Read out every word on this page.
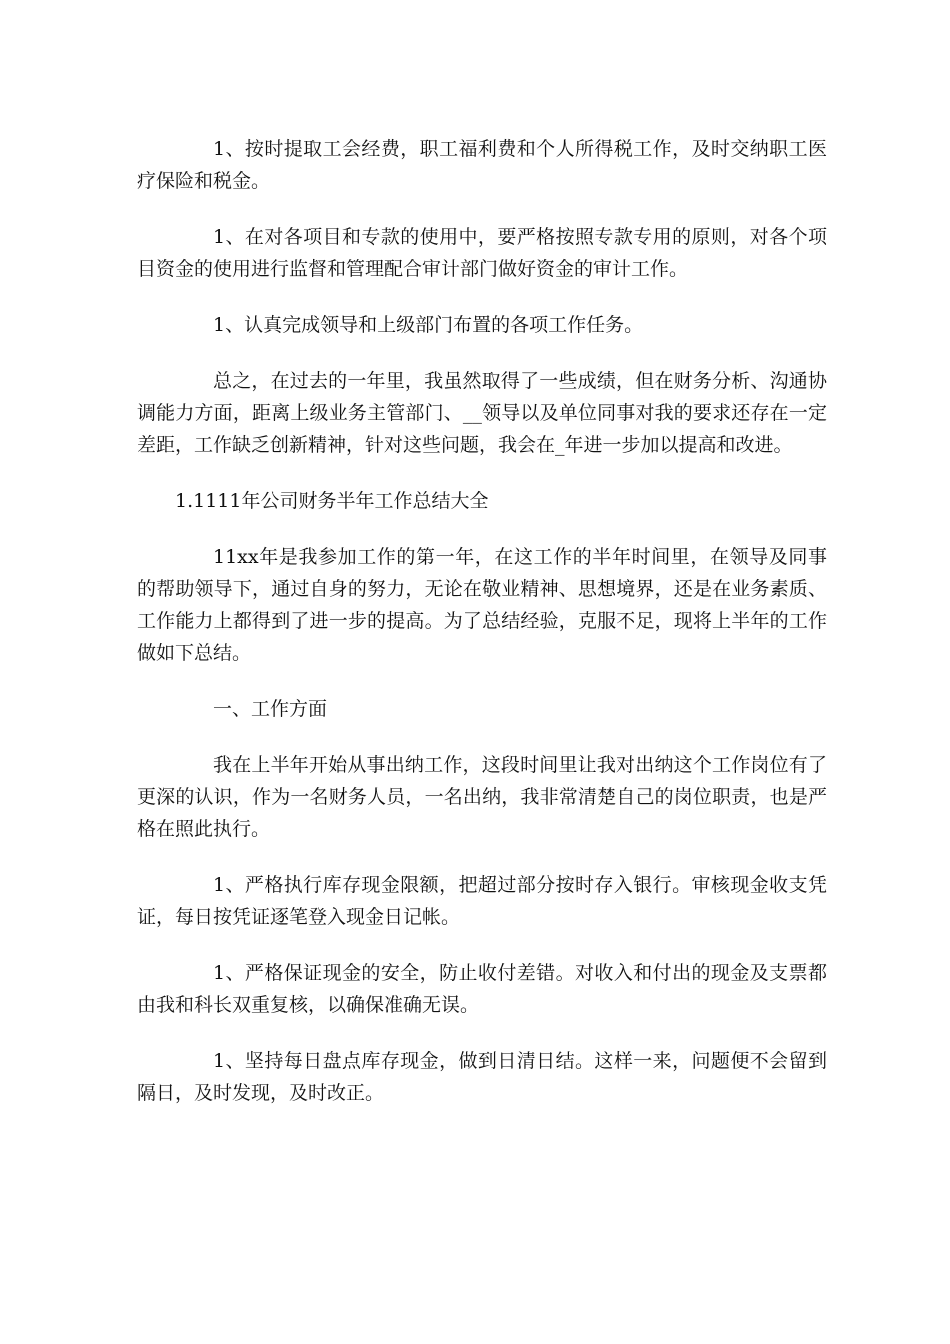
1、按时提取工会经费，职工福利费和个人所得税工作，及时交纳职工医疗保险和税金。

1、在对各项目和专款的使用中，要严格按照专款专用的原则，对各个项目资金的使用进行监督和管理配合审计部门做好资金的审计工作。

1、认真完成领导和上级部门布置的各项工作任务。

总之，在过去的一年里，我虽然取得了一些成绩，但在财务分析、沟通协调能力方面，距离上级业务主管部门、__领导以及单位同事对我的要求还存在一定差距，工作缺乏创新精神，针对这些问题，我会在_年进一步加以提高和改进。

1.1111年公司财务半年工作总结大全

11xx年是我参加工作的第一年，在这工作的半年时间里，在领导及同事的帮助领导下，通过自身的努力，无论在敬业精神、思想境界，还是在业务素质、工作能力上都得到了进一步的提高。为了总结经验，克服不足，现将上半年的工作做如下总结。

一、工作方面

我在上半年开始从事出纳工作，这段时间里让我对出纳这个工作岗位有了更深的认识，作为一名财务人员，一名出纳，我非常清楚自己的岗位职责，也是严格在照此执行。

1、严格执行库存现金限额，把超过部分按时存入银行。审核现金收支凭证，每日按凭证逐笔登入现金日记帐。

1、严格保证现金的安全，防止收付差错。对收入和付出的现金及支票都由我和科长双重复核，以确保准确无误。

1、坚持每日盘点库存现金，做到日清日结。这样一来，问题便不会留到隔日，及时发现，及时改正。
